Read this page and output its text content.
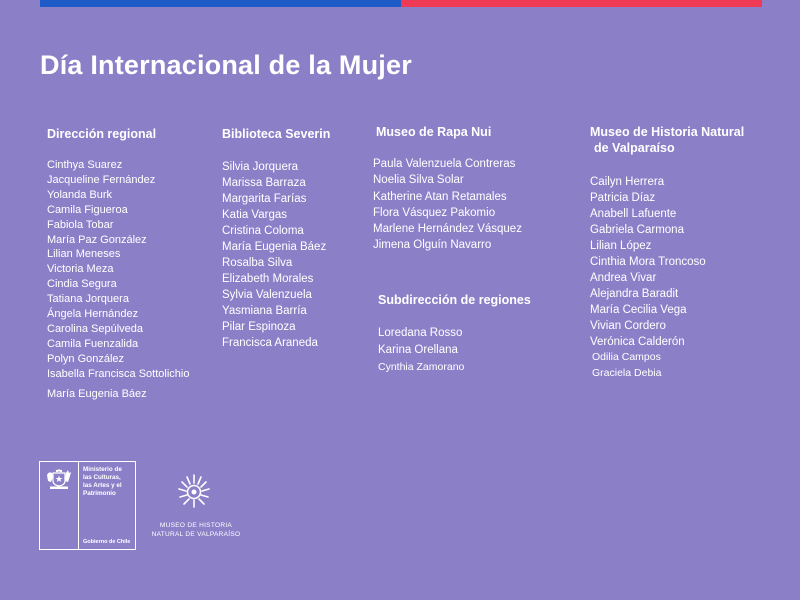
Día Internacional de la Mujer
Dirección regional
Cinthya Suarez
Jacqueline Fernández
Yolanda Burk
Camila Figueroa
Fabiola Tobar
María Paz González
Lilian Meneses
Victoria Meza
Cindia Segura
Tatiana Jorquera
Ángela Hernández
Carolina Sepúlveda
Camila Fuenzalida
Polyn González
Isabella Francisca Sottolichio
María Eugenia Báez
Biblioteca Severin
Silvia Jorquera
Marissa Barraza
Margarita Farías
Katia Vargas
Cristina Coloma
María Eugenia Báez
Rosalba Silva
Elizabeth Morales
Sylvia Valenzuela
Yasmiana Barría
Pilar Espinoza
Francisca Araneda
Museo de Rapa Nui
Paula Valenzuela Contreras
Noelia Silva Solar
Katherine Atan Retamales
Flora Vásquez Pakomio
Marlene Hernández Vásquez
Jimena Olguín Navarro
Subdirección de regiones
Loredana Rosso
Karina Orellana
Cynthia Zamorano
Museo de Historia Natural
de Valparaíso
Cailyn Herrera
Patricia Díaz
Anabell Lafuente
Gabriela Carmona
Lilian López
Cinthia Mora Troncoso
Andrea Vivar
Alejandra Baradit
María Cecilia Vega
Vivian Cordero
Verónica Calderón
Odilia Campos
Graciela Debia
Ministerio de
las Culturas,
las Artes y el
Patrimonio
Gobierno de Chile
MUSEO DE HISTORIA
NATURAL DE VALPARAÍSO
